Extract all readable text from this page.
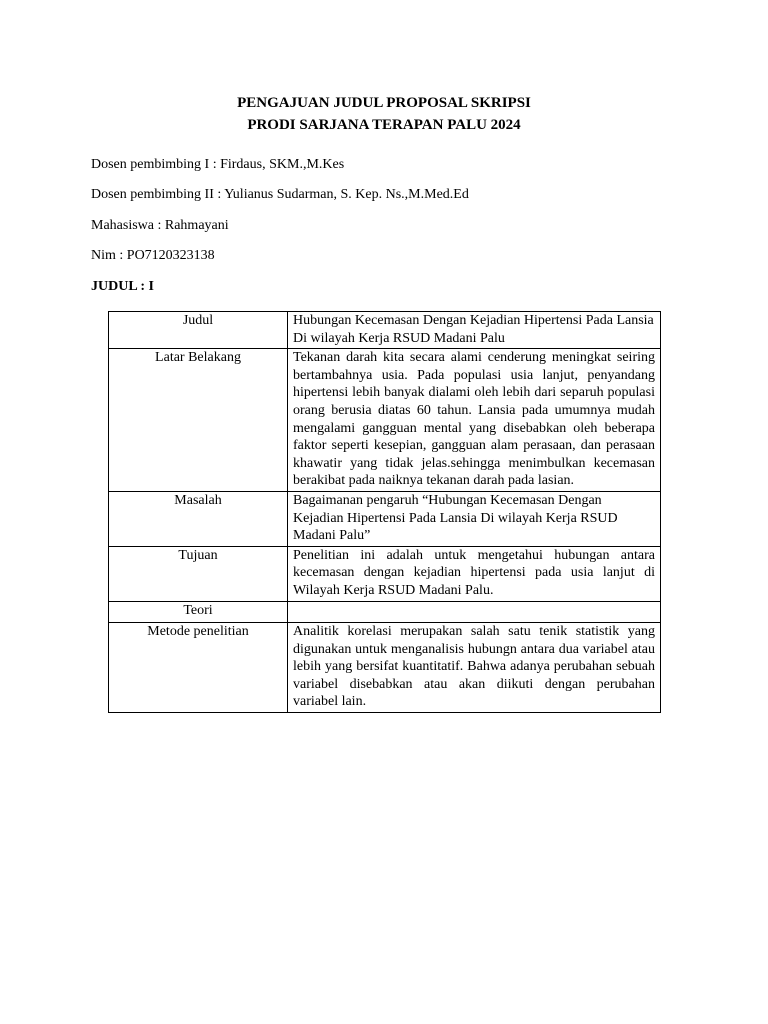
PENGAJUAN JUDUL PROPOSAL SKRIPSI
PRODI SARJANA TERAPAN PALU 2024
Dosen pembimbing I : Firdaus, SKM.,M.Kes
Dosen pembimbing II : Yulianus Sudarman, S. Kep. Ns.,M.Med.Ed
Mahasiswa : Rahmayani
Nim : PO7120323138
JUDUL : I
Judul	Hubungan Kecemasan Dengan Kejadian Hipertensi Pada Lansia Di wilayah Kerja RSUD Madani Palu
Latar Belakang	Tekanan darah kita secara alami cenderung meningkat seiring bertambahnya usia. Pada populasi usia lanjut, penyandang hipertensi lebih banyak dialami oleh lebih dari separuh populasi orang berusia diatas 60 tahun. Lansia pada umumnya mudah mengalami gangguan mental yang disebabkan oleh beberapa faktor seperti kesepian, gangguan alam perasaan, dan perasaan khawatir yang tidak jelas.sehingga menimbulkan kecemasan berakibat pada naiknya tekanan darah pada lasian.
Masalah	Bagaimanan pengaruh “Hubungan Kecemasan Dengan Kejadian Hipertensi Pada Lansia Di wilayah Kerja RSUD Madani Palu”
Tujuan	Penelitian ini adalah untuk mengetahui hubungan antara kecemasan dengan kejadian hipertensi pada usia lanjut di Wilayah Kerja RSUD Madani Palu.
Teori	
Metode penelitian	Analitik korelasi merupakan salah satu tenik statistik yang digunakan untuk menganalisis hubungn antara dua variabel atau lebih yang bersifat kuantitatif. Bahwa adanya perubahan sebuah variabel disebabkan atau akan diikuti dengan perubahan variabel lain.
